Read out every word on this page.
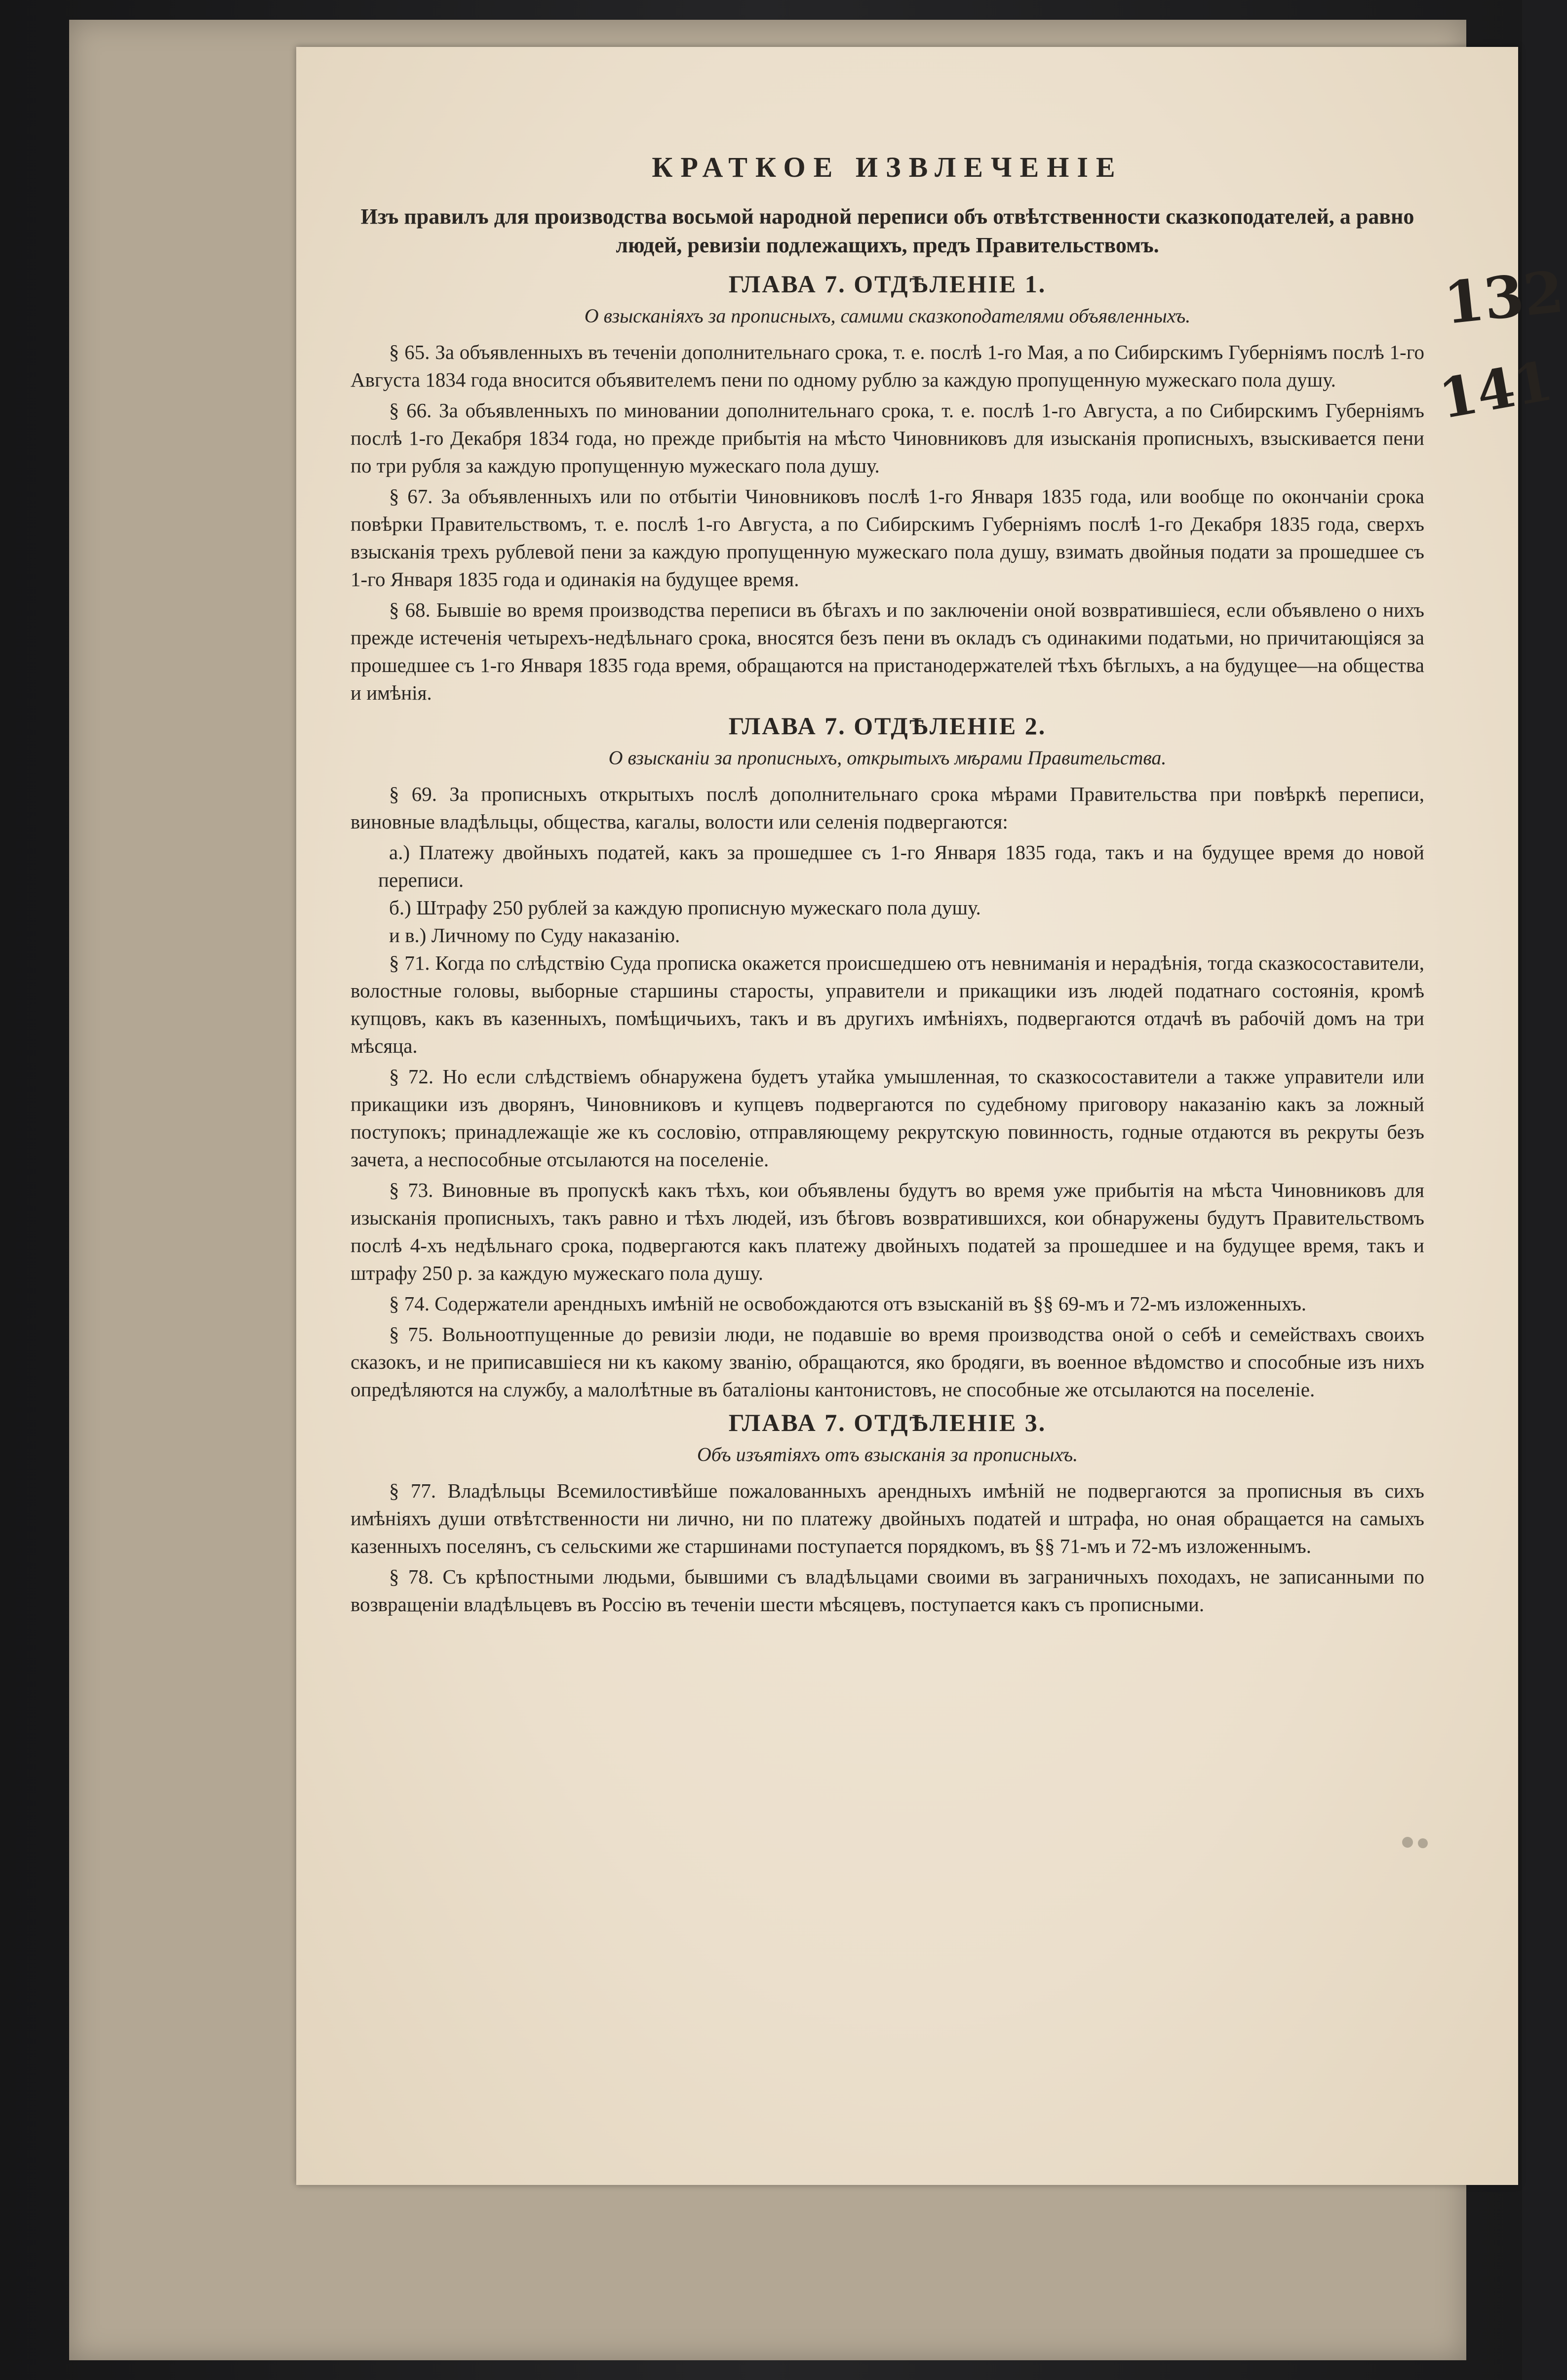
132
141
КРАТКОЕ ИЗВЛЕЧЕНІЕ
Изъ правилъ для производства восьмой народной переписи объ отвѣтственности сказкоподателей, а равно людей, ревизіи подлежащихъ, предъ Правительствомъ.
ГЛАВА 7. ОТДѢЛЕНІЕ 1.
О взысканіяхъ за прописныхъ, самими сказкоподателями объявленныхъ.

§ 65. За объявленныхъ въ теченіи дополнительнаго срока, т. е. послѣ 1-го Мая, а по Сибирскимъ Губерніямъ послѣ 1-го Августа 1834 года вносится объявителемъ пени по одному рублю за каждую пропущенную мужескаго пола душу.

§ 66. За объявленныхъ по миновании дополнительнаго срока, т. е. послѣ 1-го Августа, а по Сибирскимъ Губерніямъ послѣ 1-го Декабря 1834 года, но прежде прибытія на мѣсто Чиновниковъ для изысканія прописныхъ, взыскивается пени по три рубля за каждую пропущенную мужескаго пола душу.

§ 67. За объявленныхъ или по отбытіи Чиновниковъ послѣ 1-го Января 1835 года, или вообще по окончаніи срока повѣрки Правительствомъ, т. е. послѣ 1-го Августа, а по Сибирскимъ Губерніямъ послѣ 1-го Декабря 1835 года, сверхъ взысканія трехъ рублевой пени за каждую пропущенную мужескаго пола душу, взимать двойныя подати за прошедшее съ 1-го Января 1835 года и одинакія на будущее время.

§ 68. Бывшіе во время производства переписи въ бѣгахъ и по заключеніи оной возвратившіеся, если объявлено о нихъ прежде истеченія четырехъ-недѣльнаго срока, вносятся безъ пени въ окладъ съ одинакими податьми, но причитающіяся за прошедшее съ 1-го Января 1835 года время, обращаются на пристанодержателей тѣхъ бѣглыхъ, а на будущее—на общества и имѣнія.

ГЛАВА 7. ОТДѢЛЕНІЕ 2.
О взысканіи за прописныхъ, открытыхъ мѣрами Правительства.

§ 69. За прописныхъ открытыхъ послѣ дополнительнаго срока мѣрами Правительства при повѣркѣ переписи, виновные владѣльцы, общества, кагалы, волости или селенія подвергаются:

а.) Платежу двойныхъ податей, какъ за прошедшее съ 1-го Января 1835 года, такъ и на будущее время до новой переписи.

б.) Штрафу 250 рублей за каждую прописную мужескаго пола душу.

и в.) Личному по Суду наказанію.

§ 71. Когда по слѣдствію Суда прописка окажется происшедшею отъ невниманія и нерадѣнія, тогда сказкосоставители, волостные головы, выборные старшины старосты, управители и прикащики изъ людей податнаго состоянія, кромѣ купцовъ, какъ въ казенныхъ, помѣщичьихъ, такъ и въ другихъ имѣніяхъ, подвергаются отдачѣ въ рабочій домъ на три мѣсяца.

§ 72. Но если слѣдствіемъ обнаружена будетъ утайка умышленная, то сказкосоставители а также управители или прикащики изъ дворянъ, Чиновниковъ и купцевъ подвергаются по судебному приговору наказанію какъ за ложный поступокъ; принадлежащіе же къ сословію, отправляющему рекрутскую повинность, годные отдаются въ рекруты безъ зачета, а неспособные отсылаются на поселеніе.

§ 73. Виновные въ пропускѣ какъ тѣхъ, кои объявлены будутъ во время уже прибытія на мѣста Чиновниковъ для изысканія прописныхъ, такъ равно и тѣхъ людей, изъ бѣговъ возвратившихся, кои обнаружены будутъ Правительствомъ послѣ 4-хъ недѣльнаго срока, подвергаются какъ платежу двойныхъ податей за прошедшее и на будущее время, такъ и штрафу 250 р. за каждую мужескаго пола душу.

§ 74. Содержатели арендныхъ имѣній не освобождаются отъ взысканій въ §§ 69-мъ и 72-мъ изложенныхъ.

§ 75. Вольноотпущенные до ревизіи люди, не подавшіе во время производства оной о себѣ и семействахъ своихъ сказокъ, и не приписавшіеся ни къ какому званію, обращаются, яко бродяги, въ военное вѣдомство и способные изъ нихъ опредѣляются на службу, а малолѣтные въ баталіоны кантонистовъ, не способные же отсылаются на поселеніе.

ГЛАВА 7. ОТДѢЛЕНІЕ 3.
Объ изъятіяхъ отъ взысканія за прописныхъ.

§ 77. Владѣльцы Всемилостивѣйше пожалованныхъ арендныхъ имѣній не подвергаются за прописныя въ сихъ имѣніяхъ души отвѣтственности ни лично, ни по платежу двойныхъ податей и штрафа, но оная обращается на самыхъ казенныхъ поселянъ, съ сельскими же старшинами поступается порядкомъ, въ §§ 71-мъ и 72-мъ изложеннымъ.

§ 78. Съ крѣпостными людьми, бывшими съ владѣльцами своими въ заграничныхъ походахъ, не записанными по возвращеніи владѣльцевъ въ Россію въ теченіи шести мѣсяцевъ, поступается какъ съ прописными.
